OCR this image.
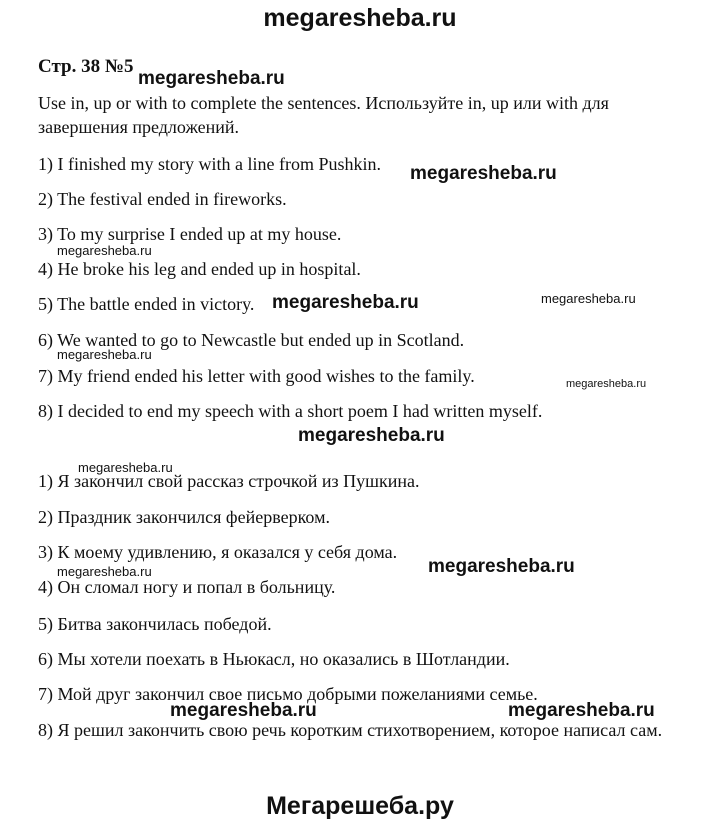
megaresheba.ru
Стр. 38 №5
megaresheba.ru
Use in, up or with to complete the sentences. Используйте in, up или with для завершения предложений.
1) I finished my story with a line from Pushkin. megaresheba.ru
2) The festival ended in fireworks.
3) To my surprise I ended up at my house.
megaresheba.ru
4) He broke his leg and ended up in hospital.
5) The battle ended in victory. megaresheba.ru	megaresheba.ru
6) We wanted to go to Newcastle but ended up in Scotland.
megaresheba.ru
7) My friend ended his letter with good wishes to the family.	megaresheba.ru
8) I decided to end my speech with a short poem I had written myself.
megaresheba.ru
megaresheba.ru
1) Я закончил свой рассказ строчкой из Пушкина.
2) Праздник закончился фейерверком.
3) К моему удивлению, я оказался у себя дома.
megaresheba.ru	megaresheba.ru
4) Он сломал ногу и попал в больницу.
5) Битва закончилась победой.
6) Мы хотели поехать в Ньюкасл, но оказались в Шотландии.
7) Мой друг закончил свое письмо добрыми пожеланиями семье.
megaresheba.ru	megaresheba.ru
8) Я решил закончить свою речь коротким стихотворением, которое написал сам.
Мегарешеба.ру
